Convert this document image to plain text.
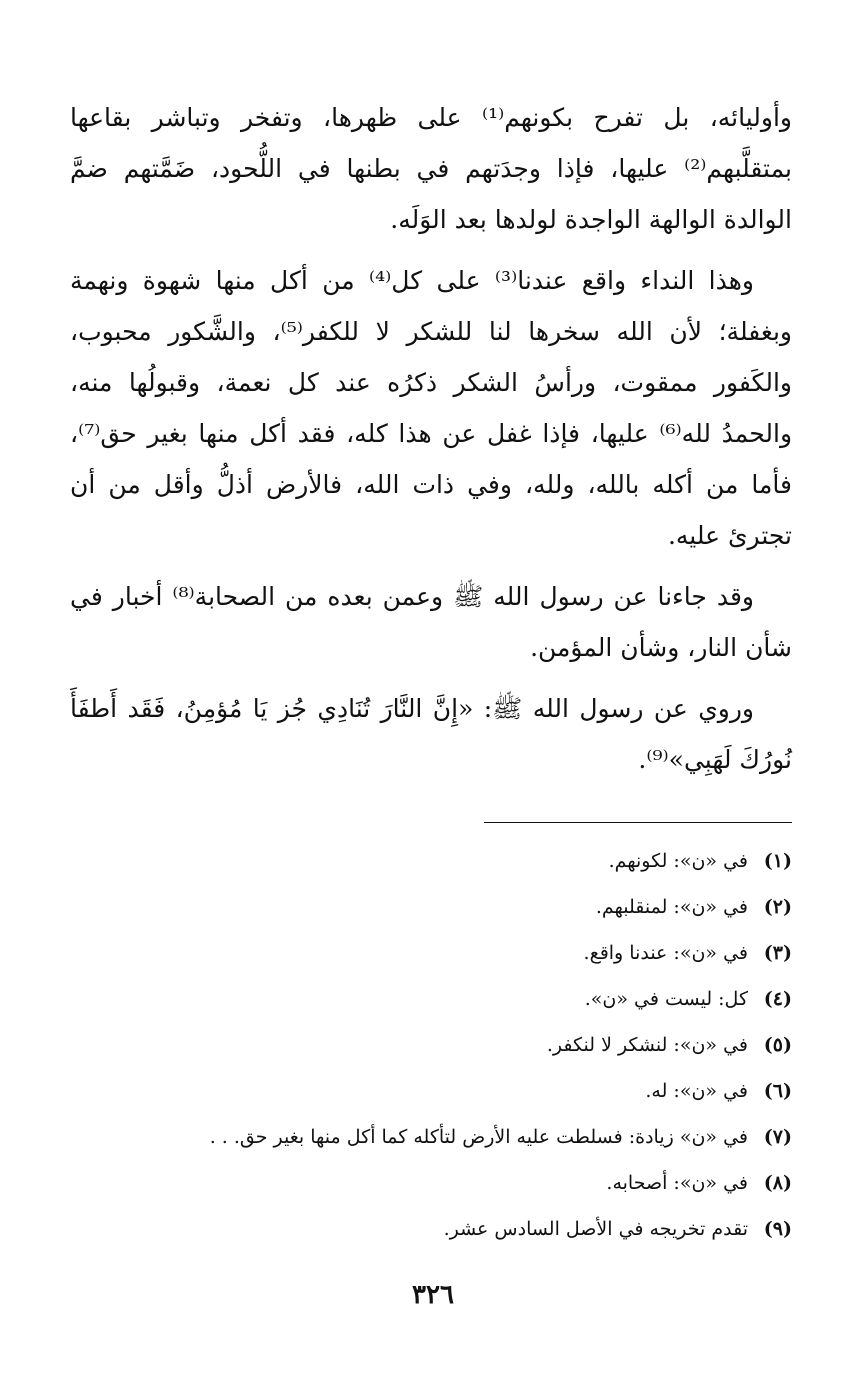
وأوليائه، بل تفرح بكونهم⁽¹⁾ على ظهرها، وتفخر وتباشر بقاعها بمتقلَّبهم⁽²⁾ عليها، فإذا وجدَتهم في بطنها في اللُّحود، ضَمَّتهم ضمَّ الوالدة الوالهة الواجدة لولدها بعد الوَلَه.

وهذا النداء واقع عندنا⁽³⁾ على كل⁽⁴⁾ من أكل منها شهوة ونهمة وبغفلة؛ لأن الله سخرها لنا للشكر لا للكفر⁽⁵⁾، والشَّكور محبوب، والكَفور ممقوت، ورأسُ الشكر ذكرُه عند كل نعمة، وقبولُها منه، والحمدُ لله⁽⁶⁾ عليها، فإذا غفل عن هذا كله، فقد أكل منها بغير حق⁽⁷⁾، فأما من أكله بالله، ولله، وفي ذات الله، فالأرض أذلُّ وأقل من أن تجترئ عليه.

وقد جاءنا عن رسول الله ﷺ وعمن بعده من الصحابة⁽⁸⁾ أخبار في شأن النار، وشأن المؤمن.

وروي عن رسول الله ﷺ: «إِنَّ النَّارَ تُنَادِي جُز يَا مُؤمِنُ، فَقَد أَطفَأَ نُورُكَ لَهَبِي»⁽⁹⁾.

(١)
في «ن»: لكونهم.
(٢)
في «ن»: لمنقلبهم.
(٣)
في «ن»: عندنا واقع.
(٤)
كل: ليست في «ن».
(٥)
في «ن»: لنشكر لا لنكفر.
(٦)
في «ن»: له.
(٧)
في «ن» زيادة: فسلطت عليه الأرض لتأكله كما أكل منها بغير حق. . .
(٨)
في «ن»: أصحابه.
(٩)
تقدم تخريجه في الأصل السادس عشر.
٣٢٦
